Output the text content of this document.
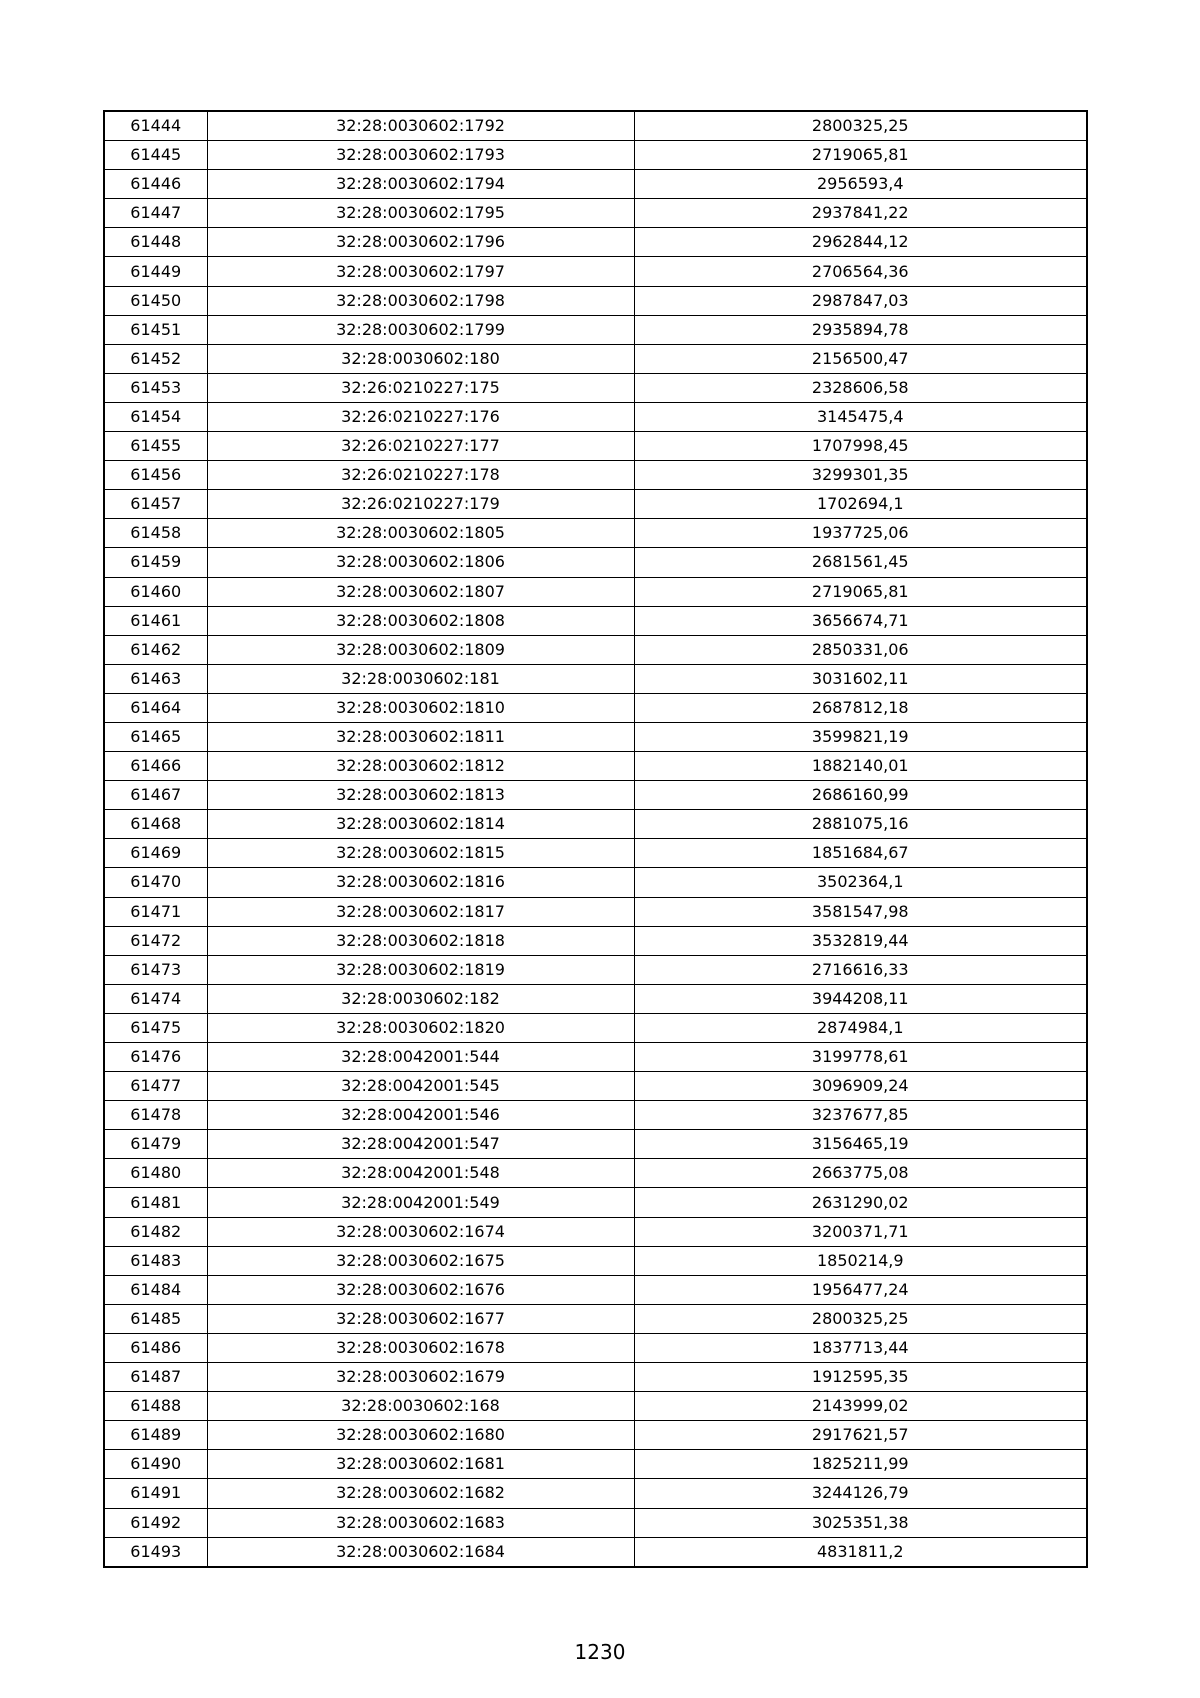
61444	32:28:0030602:1792	2800325,25
61445	32:28:0030602:1793	2719065,81
61446	32:28:0030602:1794	2956593,4
61447	32:28:0030602:1795	2937841,22
61448	32:28:0030602:1796	2962844,12
61449	32:28:0030602:1797	2706564,36
61450	32:28:0030602:1798	2987847,03
61451	32:28:0030602:1799	2935894,78
61452	32:28:0030602:180	2156500,47
61453	32:26:0210227:175	2328606,58
61454	32:26:0210227:176	3145475,4
61455	32:26:0210227:177	1707998,45
61456	32:26:0210227:178	3299301,35
61457	32:26:0210227:179	1702694,1
61458	32:28:0030602:1805	1937725,06
61459	32:28:0030602:1806	2681561,45
61460	32:28:0030602:1807	2719065,81
61461	32:28:0030602:1808	3656674,71
61462	32:28:0030602:1809	2850331,06
61463	32:28:0030602:181	3031602,11
61464	32:28:0030602:1810	2687812,18
61465	32:28:0030602:1811	3599821,19
61466	32:28:0030602:1812	1882140,01
61467	32:28:0030602:1813	2686160,99
61468	32:28:0030602:1814	2881075,16
61469	32:28:0030602:1815	1851684,67
61470	32:28:0030602:1816	3502364,1
61471	32:28:0030602:1817	3581547,98
61472	32:28:0030602:1818	3532819,44
61473	32:28:0030602:1819	2716616,33
61474	32:28:0030602:182	3944208,11
61475	32:28:0030602:1820	2874984,1
61476	32:28:0042001:544	3199778,61
61477	32:28:0042001:545	3096909,24
61478	32:28:0042001:546	3237677,85
61479	32:28:0042001:547	3156465,19
61480	32:28:0042001:548	2663775,08
61481	32:28:0042001:549	2631290,02
61482	32:28:0030602:1674	3200371,71
61483	32:28:0030602:1675	1850214,9
61484	32:28:0030602:1676	1956477,24
61485	32:28:0030602:1677	2800325,25
61486	32:28:0030602:1678	1837713,44
61487	32:28:0030602:1679	1912595,35
61488	32:28:0030602:168	2143999,02
61489	32:28:0030602:1680	2917621,57
61490	32:28:0030602:1681	1825211,99
61491	32:28:0030602:1682	3244126,79
61492	32:28:0030602:1683	3025351,38
61493	32:28:0030602:1684	4831811,2
1230
